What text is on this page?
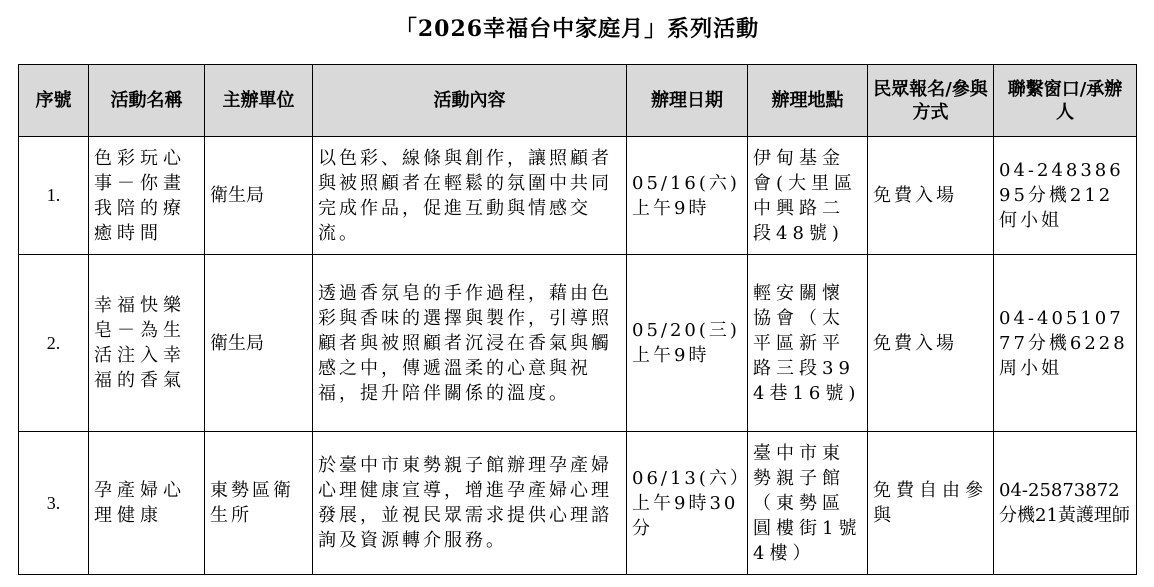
「2026幸福台中家庭月」系列活動
序號	活動名稱	主辦單位	活動內容	辦理日期	辦理地點	民眾報名/參與方式	聯繫窗口/承辦人
1.	色彩玩心事－你畫我陪的療癒時間	衛生局	以色彩、線條與創作，讓照顧者與被照顧者在輕鬆的氛圍中共同完成作品，促進互動與情感交流。	05/16(六)上午9時	伊甸基金會(大里區中興路二段48號)	免費入場	04-24838695分機212何小姐
2.	幸福快樂皂－為生活注入幸福的香氣	衛生局	透過香氛皂的手作過程，藉由色彩與香味的選擇與製作，引導照顧者與被照顧者沉浸在香氣與觸感之中，傳遞溫柔的心意與祝福，提升陪伴關係的溫度。	05/20(三)上午9時	輕安關懷協會（太平區新平路三段394巷16號)	免費入場	04-40510777分機6228周小姐
3.	孕產婦心理健康	東勢區衛生所	於臺中市東勢親子館辦理孕產婦心理健康宣導，增進孕產婦心理發展，並視民眾需求提供心理諮詢及資源轉介服務。	06/13(六）上午9時30分	臺中市東勢親子館（東勢區圓樓街1號4樓）	免費自由參與	04-25873872分機21黃護理師
